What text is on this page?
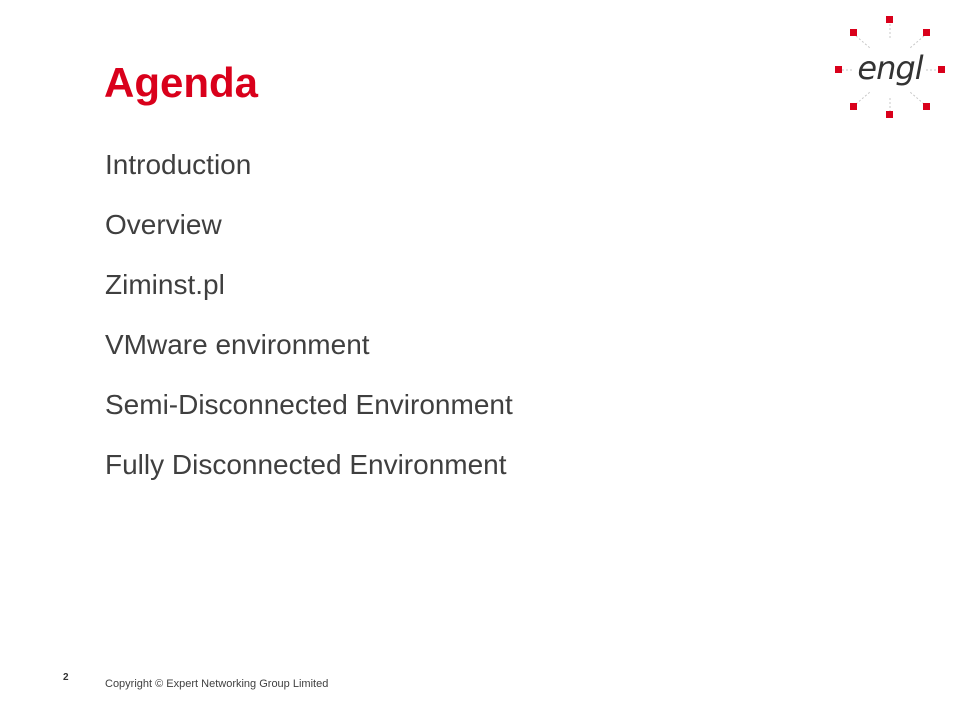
Agenda
Introduction
Overview
Ziminst.pl
VMware environment
Semi-Disconnected Environment
Fully Disconnected Environment
engl
2
Copyright © Expert Networking Group Limited
